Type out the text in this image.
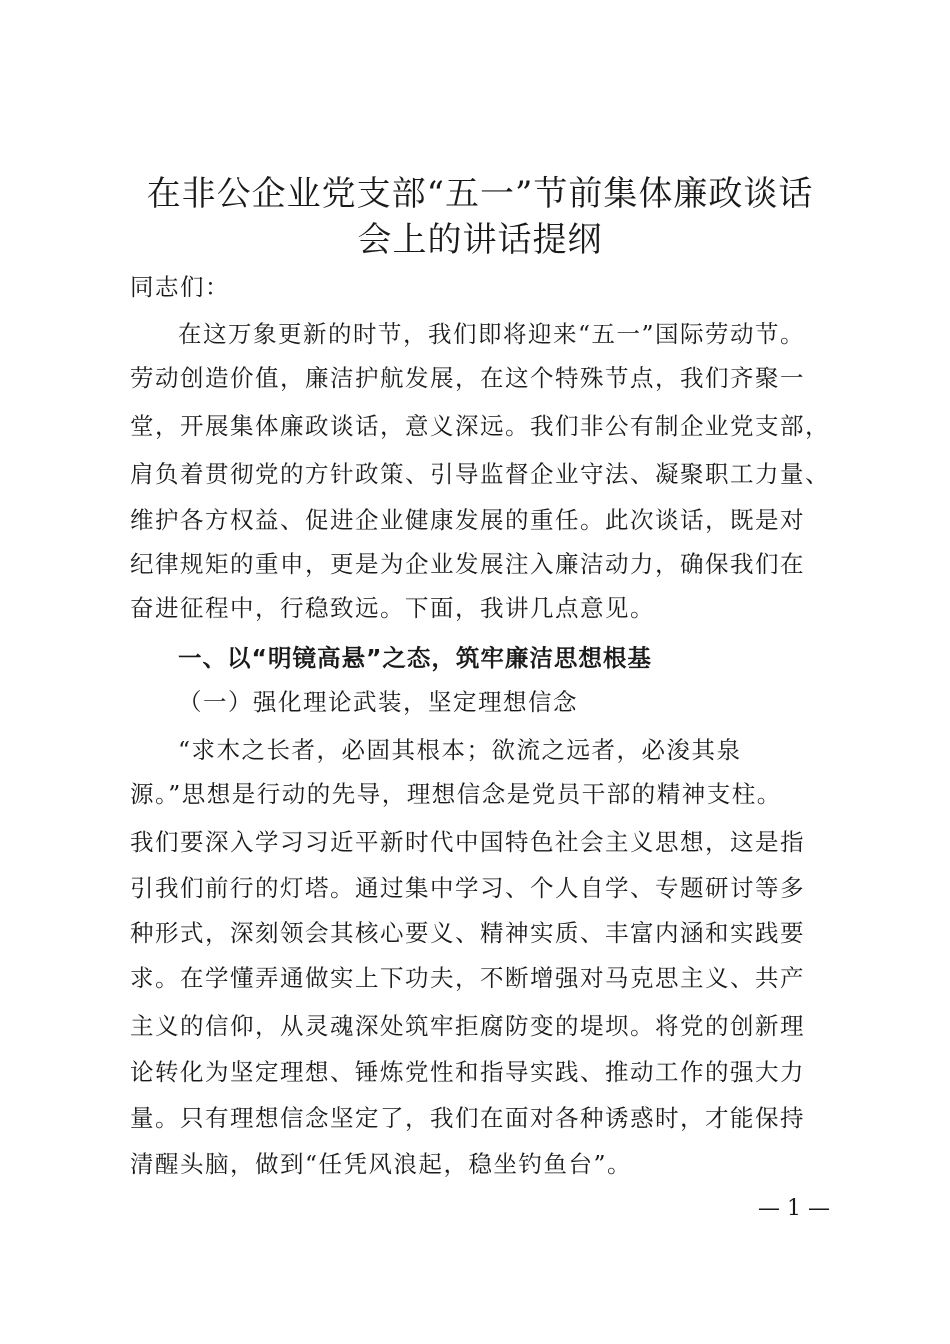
在非公企业党支部“五一”节前集体廉政谈话
会上的讲话提纲

同志们：

在这万象更新的时节，我们即将迎来“五一”国际劳动节。

劳动创造价值，廉洁护航发展，在这个特殊节点，我们齐聚一

堂，开展集体廉政谈话，意义深远。我们非公有制企业党支部，

肩负着贯彻党的方针政策、引导监督企业守法、凝聚职工力量、

维护各方权益、促进企业健康发展的重任。此次谈话，既是对

纪律规矩的重申，更是为企业发展注入廉洁动力，确保我们在

奋进征程中，行稳致远。下面，我讲几点意见。

一、以“明镜高悬”之态，筑牢廉洁思想根基

（一）强化理论武装，坚定理想信念

“求木之长者，必固其根本；欲流之远者，必浚其泉

源。”思想是行动的先导，理想信念是党员干部的精神支柱。

我们要深入学习习近平新时代中国特色社会主义思想，这是指

引我们前行的灯塔。通过集中学习、个人自学、专题研讨等多

种形式，深刻领会其核心要义、精神实质、丰富内涵和实践要

求。在学懂弄通做实上下功夫，不断增强对马克思主义、共产

主义的信仰，从灵魂深处筑牢拒腐防变的堤坝。将党的创新理

论转化为坚定理想、锤炼党性和指导实践、推动工作的强大力

量。只有理想信念坚定了，我们在面对各种诱惑时，才能保持

清醒头脑，做到“任凭风浪起，稳坐钓鱼台”。

— 1 —
